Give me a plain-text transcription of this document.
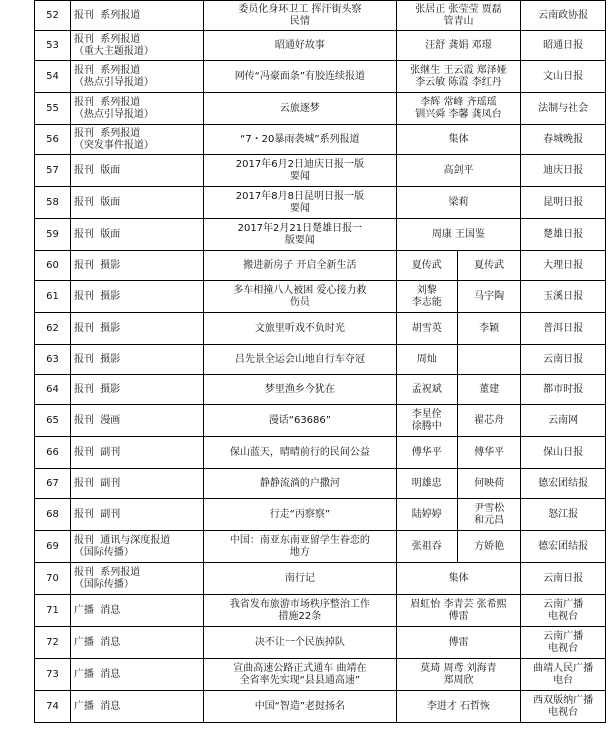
52	报刊  系列报道	委员化身环卫工 挥汗街头察
民情	张居正 张莹莹 贾磊
管青山		云南政协报

53	报刊  系列报道
（重大主题报道）	昭通好故事	汪舒 龚娟 邓璟		昭通日报

54	报刊  系列报道
（热点引导报道）	网传“冯豪面条”有胶连续报道	张继生 王云霞 郑泽娅
李云敏 陈霞 李红丹		文山日报

55	报刊  系列报道
（热点引导报道）	云旅逐梦	李辉 常峰 齐瑶瑶
钏兴舜 李馨 龚凤台		法制与社会

56	报刊  系列报道
（突发事件报道）	“7・20暴雨袭城”系列报道	集体		春城晚报

57	报刊  版面	2017年6月2日迪庆日报一版
要闻	高剑平		迪庆日报

58	报刊  版面	2017年8月8日昆明日报一版
要闻	梁莉		昆明日报

59	报刊  版面	2017年2月21日楚雄日报一
版要闻	周康 王国鉴		楚雄日报

60	报刊  摄影	搬进新房子 开启全新生活	夏传武	夏传武	大理日报

61	报刊  摄影	多车相撞八人被困 爱心接力救
伤员	刘黎
李志能	马宇陶	玉溪日报

62	报刊  摄影	文旅里听戏不负时光	胡雪英	李颖	普洱日报

63	报刊  摄影	吕先景全运会山地自行车夺冠	周灿		云南日报

64	报刊  摄影	梦里渔乡今犹在	孟祝斌	董建	都市时报

65	报刊  漫画	漫话“63686”	李星佺
徐腾中	翟芯舟	云南网

66	报刊  副刊	保山蓝天，晴晴前行的民间公益	傅华平	傅华平	保山日报

67	报刊  副刊	静静流淌的户撒河	明雄忠	何映荷	德宏团结报

68	报刊  副刊	行走“丙察察”	陆婷婷	尹雪松
和元昌	怒江报

69	报刊  通讯与深度报道
（国际传播）	中国：南亚东南亚留学生眷恋的
地方	张祖吞	方娇艳	德宏团结报

70	报刊  系列报道
（国际传播）	南行记	集体		云南日报

71	广播  消息	我省发布旅游市场秩序整治工作
措施22条	眉虹怡 李青芸 张希熙
傅雷		云南广播
电视台

72	广播  消息	决不让一个民族掉队	傅雷		云南广播
电视台

73	广播  消息	宣曲高速公路正式通车 曲靖在
全省率先实现“县县通高速”	莫琦 周鸢 刘海青
郑周欣		曲靖人民广播
电台

74	广播  消息	中国“智造”老挝扬名	李进才 石哲恢		西双版纳广播
电视台
